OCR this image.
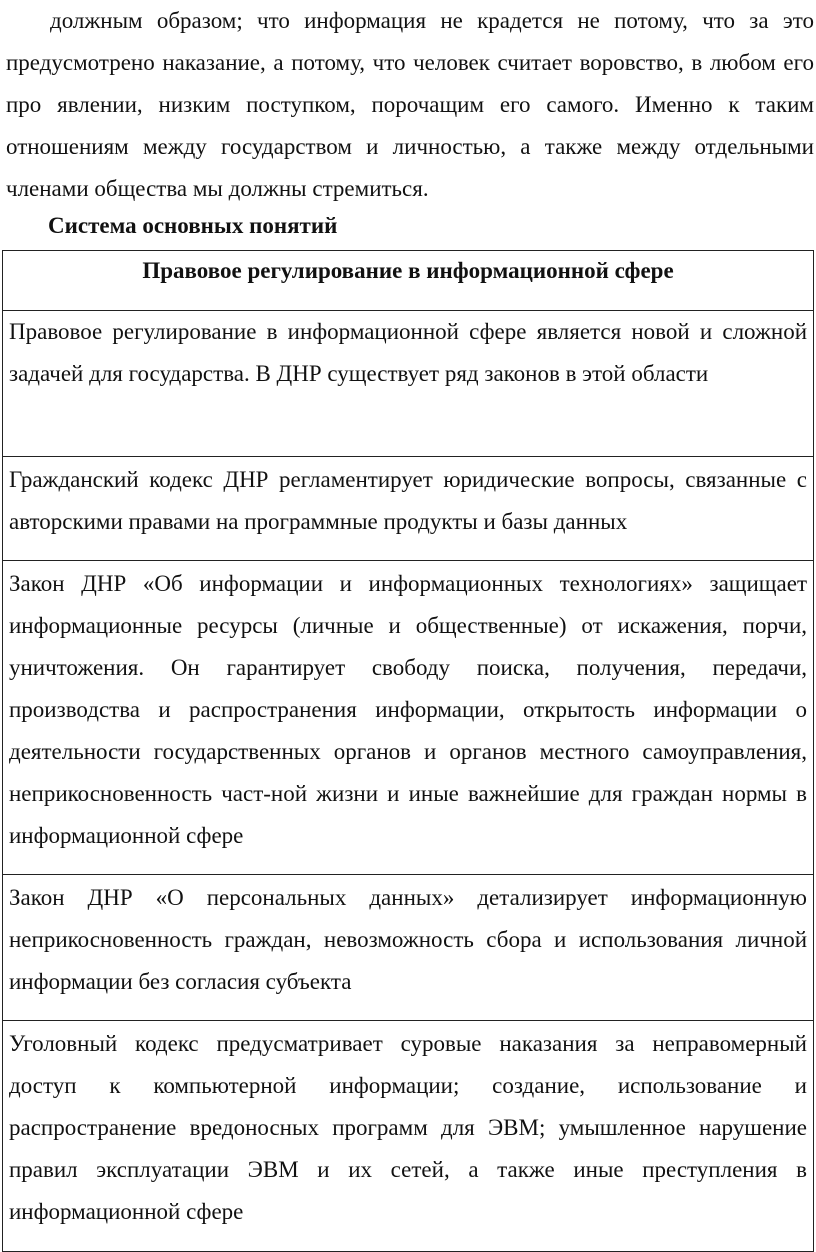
должным образом; что информация не крадется не потому, что за это предусмотрено наказание, а потому, что человек считает воровство, в любом его про явлении, низким поступком, порочащим его самого. Именно к таким отношениям между государством и личностью, а также между отдельными членами общества мы должны стремиться.

Система основных понятий
Правовое регулирование в информационной сфере
Правовое регулирование в информационной сфере является новой и сложной задачей для государства. В ДНР существует ряд законов в этой области
Гражданский кодекс ДНР регламентирует юридические вопросы, связанные с авторскими правами на программные продукты и базы данных
Закон ДНР «Об информации и информационных технологиях» защищает информационные ресурсы (личные и общественные) от искажения, порчи, уничтожения. Он гарантирует свободу поиска, получения, передачи, производства и распространения информации, открытость информации о деятельности государственных органов и органов местного самоуправления, неприкосновенность част-ной жизни и иные важнейшие для граждан нормы в информационной сфере
Закон ДНР «О персональных данных» детализирует информационную неприкосновенность граждан, невозможность сбора и использования личной информации без согласия субъекта
Уголовный кодекс предусматривает суровые наказания за неправомерный доступ к компьютерной информации; создание, использование и распространение вредоносных программ для ЭВМ; умышленное нарушение правил эксплуатации ЭВМ и их сетей, а также иные преступления в информационной сфере
